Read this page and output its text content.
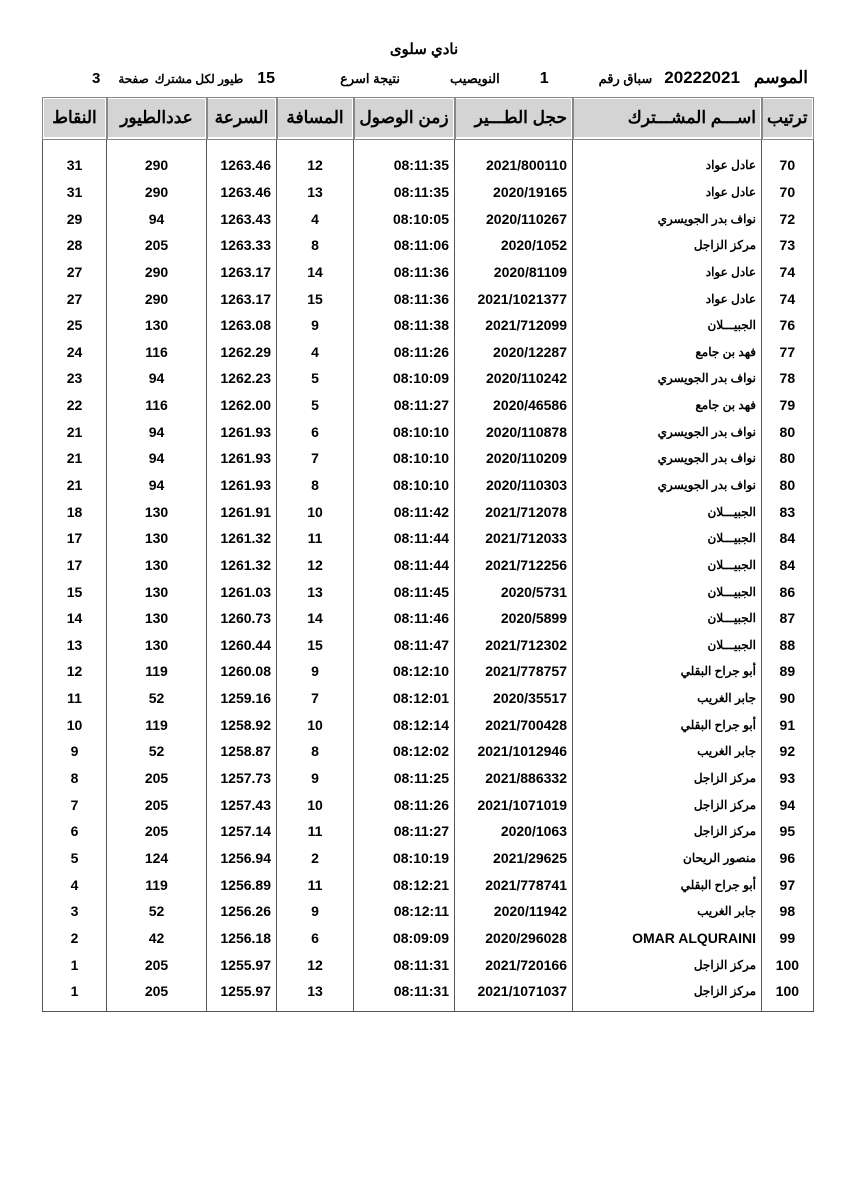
نادي سلوى
الموسم
20222021
سباق رقم
1
النويصيب
نتيجة اسرع
15
طيور لكل مشترك
صفحة
3
النقاط	عددالطيور	السرعة	المسافة	زمن الوصول	حجل الطـــير	اســـم المشـــترك	ترتيب
31	290	1263.46	12	08:11:35	2021/800110	عادل عواد	70
31	290	1263.46	13	08:11:35	2020/19165	عادل عواد	70
29	94	1263.43	4	08:10:05	2020/110267	نواف بدر الجويسري	72
28	205	1263.33	8	08:11:06	2020/1052	مركز الزاجل	73
27	290	1263.17	14	08:11:36	2020/81109	عادل عواد	74
27	290	1263.17	15	08:11:36	2021/1021377	عادل عواد	74
25	130	1263.08	9	08:11:38	2021/712099	الجبيـــلان	76
24	116	1262.29	4	08:11:26	2020/12287	فهد بن جامع	77
23	94	1262.23	5	08:10:09	2020/110242	نواف بدر الجويسري	78
22	116	1262.00	5	08:11:27	2020/46586	فهد بن جامع	79
21	94	1261.93	6	08:10:10	2020/110878	نواف بدر الجويسري	80
21	94	1261.93	7	08:10:10	2020/110209	نواف بدر الجويسري	80
21	94	1261.93	8	08:10:10	2020/110303	نواف بدر الجويسري	80
18	130	1261.91	10	08:11:42	2021/712078	الجبيـــلان	83
17	130	1261.32	11	08:11:44	2021/712033	الجبيـــلان	84
17	130	1261.32	12	08:11:44	2021/712256	الجبيـــلان	84
15	130	1261.03	13	08:11:45	2020/5731	الجبيـــلان	86
14	130	1260.73	14	08:11:46	2020/5899	الجبيـــلان	87
13	130	1260.44	15	08:11:47	2021/712302	الجبيـــلان	88
12	119	1260.08	9	08:12:10	2021/778757	أبو جراح البقلي	89
11	52	1259.16	7	08:12:01	2020/35517	جابر الغريب	90
10	119	1258.92	10	08:12:14	2021/700428	أبو جراح البقلي	91
9	52	1258.87	8	08:12:02	2021/1012946	جابر الغريب	92
8	205	1257.73	9	08:11:25	2021/886332	مركز الزاجل	93
7	205	1257.43	10	08:11:26	2021/1071019	مركز الزاجل	94
6	205	1257.14	11	08:11:27	2020/1063	مركز الزاجل	95
5	124	1256.94	2	08:10:19	2021/29625	منصور الريحان	96
4	119	1256.89	11	08:12:21	2021/778741	أبو جراح البقلي	97
3	52	1256.26	9	08:12:11	2020/11942	جابر الغريب	98
2	42	1256.18	6	08:09:09	2020/296028	OMAR ALQURAINI	99
1	205	1255.97	12	08:11:31	2021/720166	مركز الزاجل	100
1	205	1255.97	13	08:11:31	2021/1071037	مركز الزاجل	100
